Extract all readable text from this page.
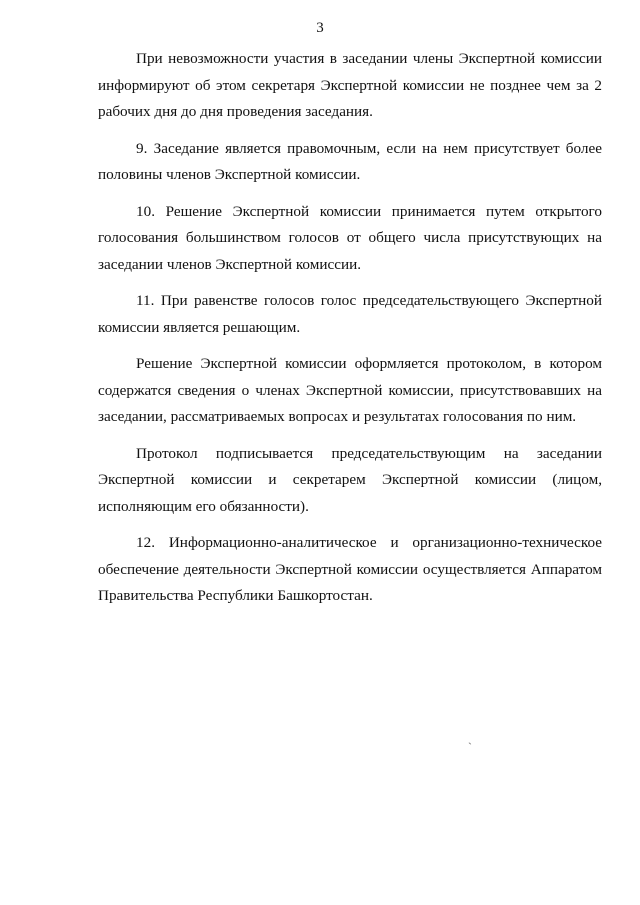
3

При невозможности участия в заседании члены Экспертной комиссии информируют об этом секретаря Экспертной комиссии не позднее чем за 2 рабочих дня до дня проведения заседания.

9. Заседание является правомочным, если на нем присутствует более половины членов Экспертной комиссии.

10. Решение Экспертной комиссии принимается путем открытого голосования большинством голосов от общего числа присутствующих на заседании членов Экспертной комиссии.

11. При равенстве голосов голос председательствующего Экспертной комиссии является решающим.

Решение Экспертной комиссии оформляется протоколом, в котором содержатся сведения о членах Экспертной комиссии, присутствовавших на заседании, рассматриваемых вопросах и результатах голосования по ним.

Протокол подписывается председательствующим на заседании Экспертной комиссии и секретарем Экспертной комиссии (лицом, исполняющим его обязанности).

12. Информационно-аналитическое и организационно-техническое обеспечение деятельности Экспертной комиссии осуществляется Аппаратом Правительства Республики Башкортостан.

`
